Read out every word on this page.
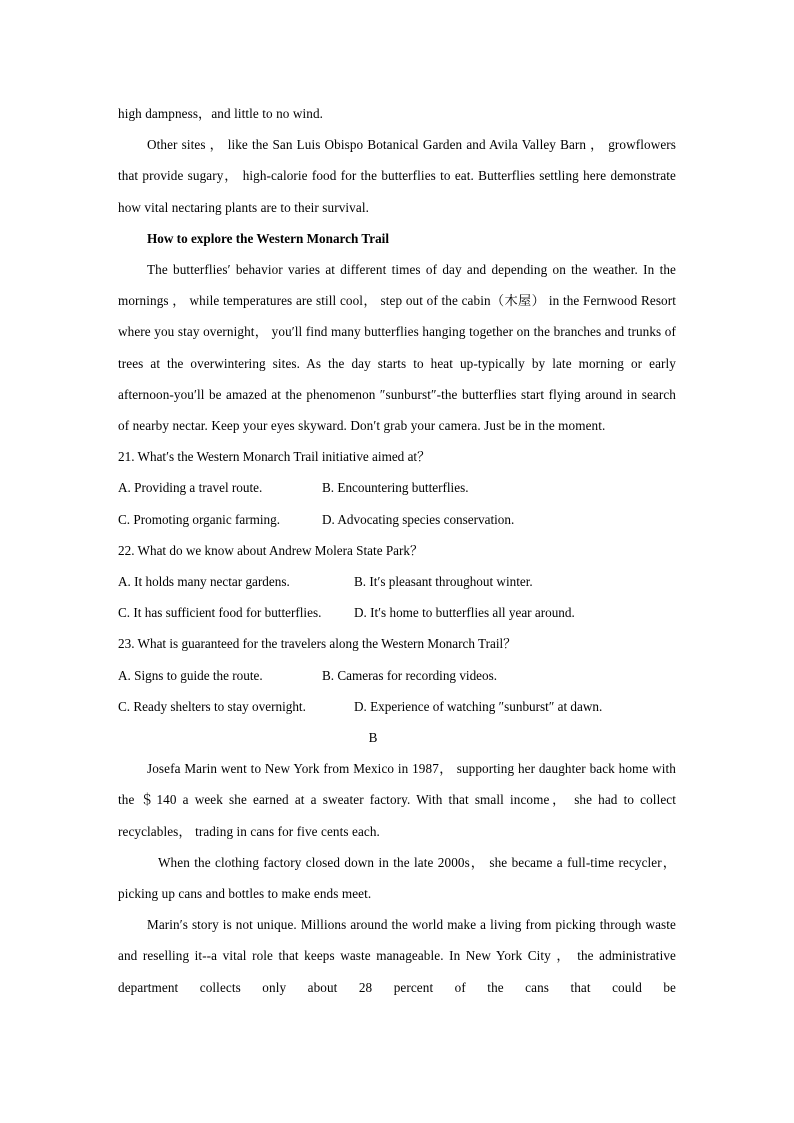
high dampness，and little to no wind.

Other sites ， like the San Luis Obispo Botanical Garden and Avila Valley Barn ， growflowers that provide sugary， high-calorie food for the butterflies to eat. Butterflies settling here demonstrate how vital nectaring plants are to their survival.

How to explore the Western Monarch Trail

The butterflies′ behavior varies at different times of day and depending on the weather. In the mornings ， while temperatures are still cool， step out of the cabin（木屋） in the Fernwood Resort where you stay overnight， you′ll find many butterflies hanging together on the branches and trunks of trees at the overwintering sites. As the day starts to heat up-typically by late morning or early afternoon-you′ll be amazed at the phenomenon ″sunburst″-the butterflies start flying around in search of nearby nectar. Keep your eyes skyward. Don′t grab your camera. Just be in the moment.

21. What′s the Western Monarch Trail initiative aimed at？

A. Providing a travel route.	B. Encountering butterflies.
C. Promoting organic farming.	D. Advocating species conservation.

22. What do we know about Andrew Molera State Park？

A. It holds many nectar gardens.	B. It′s pleasant throughout winter.
C. It has sufficient food for butterflies.	D. It′s home to butterflies all year around.

23. What is guaranteed for the travelers along the Western Monarch Trail？

A. Signs to guide the route.	B. Cameras for recording videos.
C. Ready shelters to stay overnight.	D. Experience of watching ″sunburst″ at dawn.

B

Josefa Marin went to New York from Mexico in 1987， supporting her daughter back home with the ＄140 a week she earned at a sweater factory. With that small income， she had to collect recyclables， trading in cans for five cents each.

When the clothing factory closed down in the late 2000s， she became a full-time recycler，picking up cans and bottles to make ends meet.

Marin′s story is not unique. Millions around the world make a living from picking through waste and reselling it--a vital role that keeps waste manageable. In New York City ， the administrative department collects only about 28 percent of the cans that could be
